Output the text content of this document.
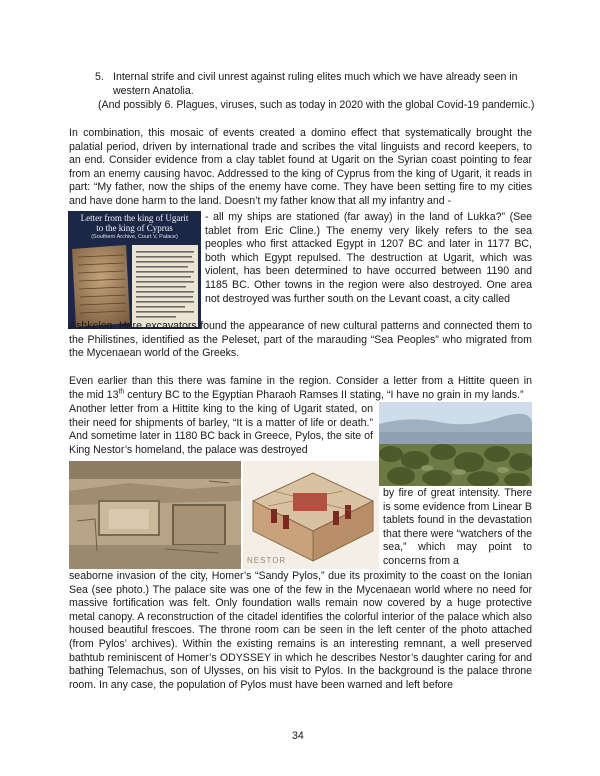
5. Internal strife and civil unrest against ruling elites much which we have already seen in
western Anatolia.
(And possibly 6. Plagues, viruses, such as today in 2020 with the global Covid-19 pandemic.)

In combination, this mosaic of events created a domino effect that systematically brought the palatial period, driven by international trade and scribes the vital linguists and record keepers, to an end. Consider evidence from a clay tablet found at Ugarit on the Syrian coast pointing to fear from an enemy causing havoc. Addressed to the king of Cyprus from the king of Ugarit, it reads in part: “My father, now the ships of the enemy have come. They have been setting fire to my cities and have done harm to the land. Doesn’t my father know that all my infantry and -

Letter from the king of Ugarit
to the king of Cyprus
(Southern Archive, Court V, Palace)

- all my ships are stationed (far away) in the land of Lukka?” (See tablet from Eric Cline.) The enemy very likely refers to the sea peoples who first attacked Egypt in 1207 BC and later in 1177 BC, both which Egypt repulsed. The destruction at Ugarit, which was violent, has been determined to have occurred between 1190 and 1185 BC. Other towns in the region were also destroyed. One area not destroyed was further south on the Levant coast, a city called

Ashkelon. Here excavators found the appearance of new cultural patterns and connected them to the Philistines, identified as the Peleset, part of the marauding “Sea Peoples” who migrated from the Mycenaean world of the Greeks.

Even earlier than this there was famine in the region. Consider a letter from a Hittite queen in
the mid 13th century BC to the Egyptian Pharaoh Ramses II stating, “I have no grain in my lands.”

Another letter from a Hittite king to the king of Ugarit stated, on their need for shipments of barley, “It is a matter of life or death.” And sometime later in 1180 BC back in Greece, Pylos, the site of King Nestor’s homeland, the palace was destroyed

NESTOR

by fire of great intensity. There is some evidence from Linear B tablets found in the devastation that there were “watchers of the sea,” which may point to concerns from a

seaborne invasion of the city, Homer’s “Sandy Pylos,” due its proximity to the coast on the Ionian Sea (see photo.) The palace site was one of the few in the Mycenaean world where no need for massive fortification was felt. Only foundation walls remain now covered by a huge protective metal canopy. A reconstruction of the citadel identifies the colorful interior of the palace which also housed beautiful frescoes. The throne room can be seen in the left center of the photo attached (from Pylos’ archives). Within the existing remains is an interesting remnant, a well preserved bathtub reminiscent of Homer’s ODYSSEY in which he describes Nestor’s daughter caring for and bathing Telemachus, son of Ulysses, on his visit to Pylos. In the background is the palace throne room. In any case, the population of Pylos must have been warned and left before

34
